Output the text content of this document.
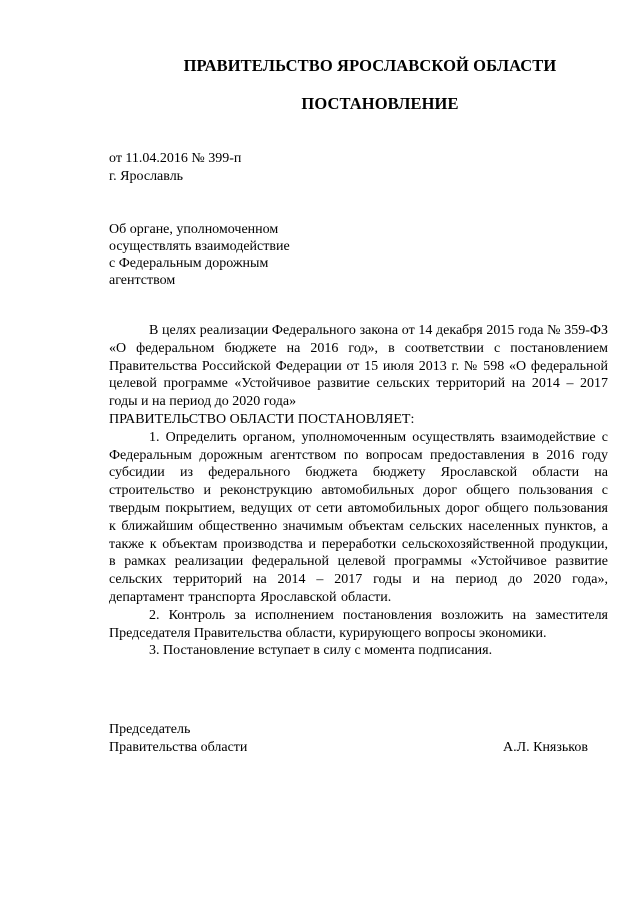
ПРАВИТЕЛЬСТВО ЯРОСЛАВСКОЙ ОБЛАСТИ
ПОСТАНОВЛЕНИЕ
от 11.04.2016 № 399-п
г. Ярославль
Об органе, уполномоченном
осуществлять взаимодействие
с Федеральным дорожным
агентством

В целях реализации Федерального закона от 14 декабря 2015 года № 359-ФЗ «О федеральном бюджете на 2016 год», в соответствии с постановлением Правительства Российской Федерации от 15 июля 2013 г. № 598 «О федеральной целевой программе «Устойчивое развитие сельских территорий на 2014 – 2017 годы и на период до 2020 года»

ПРАВИТЕЛЬСТВО ОБЛАСТИ ПОСТАНОВЛЯЕТ:

1. Определить органом, уполномоченным осуществлять взаимодействие с Федеральным дорожным агентством по вопросам предоставления в 2016 году субсидии из федерального бюджета бюджету Ярославской области на строительство и реконструкцию автомобильных дорог общего пользования с твердым покрытием, ведущих от сети автомобильных дорог общего пользования к ближайшим общественно значимым объектам сельских населенных пунктов, а также к объектам производства и переработки сельскохозяйственной продукции, в рамках реализации федеральной целевой программы «Устойчивое развитие сельских территорий на 2014 – 2017 годы и на период до 2020 года», департамент транспорта Ярославской области.

2. Контроль за исполнением постановления возложить на заместителя Председателя Правительства области, курирующего вопросы экономики.

3. Постановление вступает в силу с момента подписания.

Председатель
Правительства области	А.Л. Князьков
